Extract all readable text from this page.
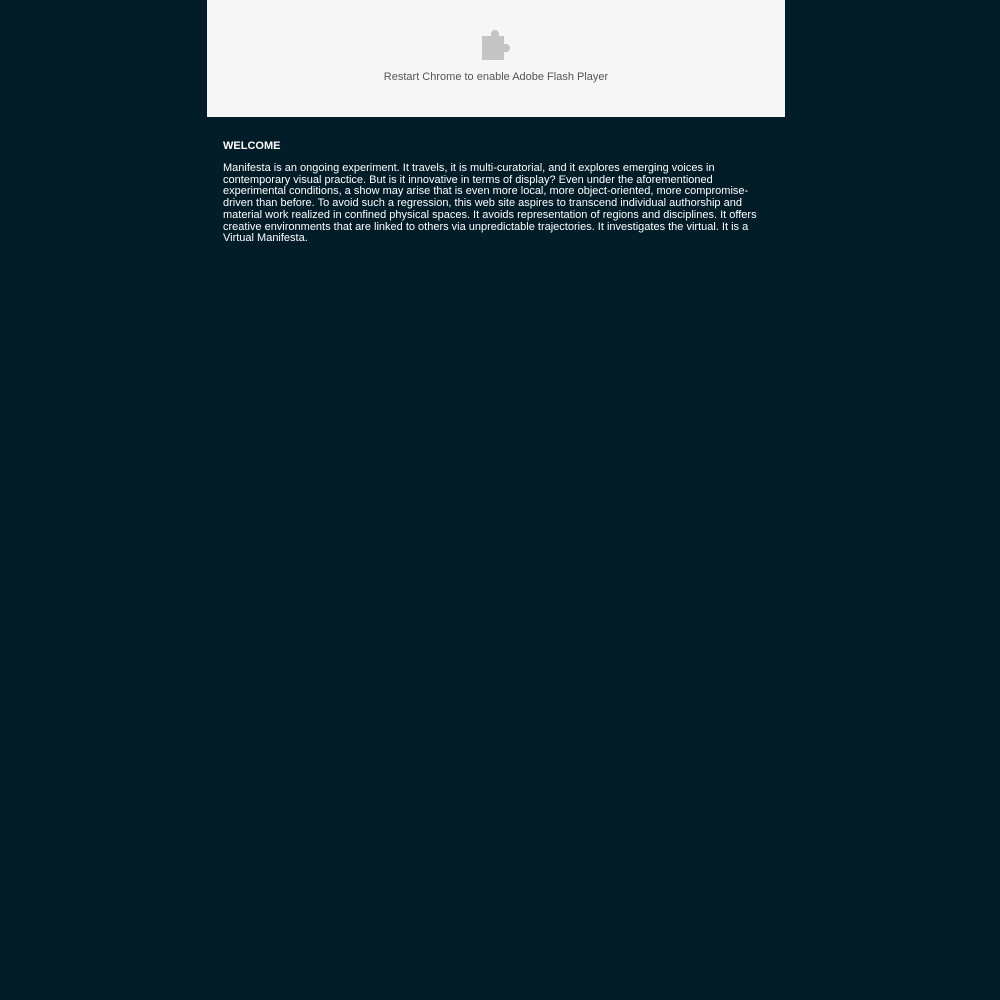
Restart Chrome to enable Adobe Flash Player
WELCOME

Manifesta is an ongoing experiment. It travels, it is multi-curatorial, and it explores emerging voices in contemporary visual practice. But is it innovative in terms of display? Even under the aforementioned experimental conditions, a show may arise that is even more local, more object-oriented, more compromise-driven than before. To avoid such a regression, this web site aspires to transcend individual authorship and material work realized in confined physical spaces. It avoids representation of regions and disciplines. It offers creative environments that are linked to others via unpredictable trajectories. It investigates the virtual. It is a Virtual Manifesta.
